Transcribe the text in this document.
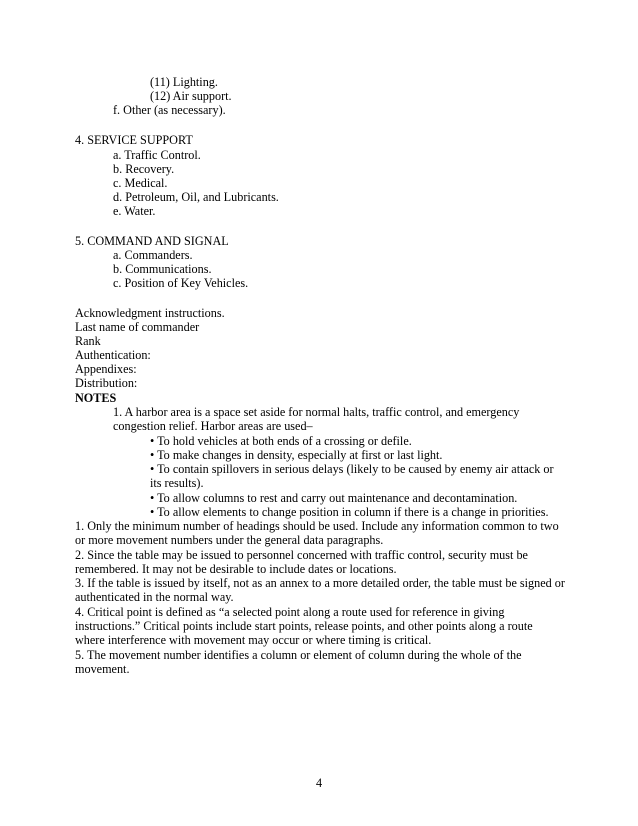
(11) Lighting.
(12) Air support.
f. Other (as necessary).
4. SERVICE SUPPORT
a. Traffic Control.
b. Recovery.
c. Medical.
d. Petroleum, Oil, and Lubricants.
e. Water.
5. COMMAND AND SIGNAL
a. Commanders.
b. Communications.
c. Position of Key Vehicles.
Acknowledgment instructions.
Last name of commander
Rank
Authentication:
Appendixes:
Distribution:
NOTES
1. A harbor area is a space set aside for normal halts, traffic control, and emergency congestion relief. Harbor areas are used–
• To hold vehicles at both ends of a crossing or defile.
• To make changes in density, especially at first or last light.
• To contain spillovers in serious delays (likely to be caused by enemy air attack or its results).
• To allow columns to rest and carry out maintenance and decontamination.
• To allow elements to change position in column if there is a change in priorities.
1. Only the minimum number of headings should be used. Include any information common to two or more movement numbers under the general data paragraphs.
2. Since the table may be issued to personnel concerned with traffic control, security must be remembered. It may not be desirable to include dates or locations.
3. If the table is issued by itself, not as an annex to a more detailed order, the table must be signed or authenticated in the normal way.
4. Critical point is defined as “a selected point along a route used for reference in giving instructions.” Critical points include start points, release points, and other points along a route where interference with movement may occur or where timing is critical.
5. The movement number identifies a column or element of column during the whole of the movement.
4
